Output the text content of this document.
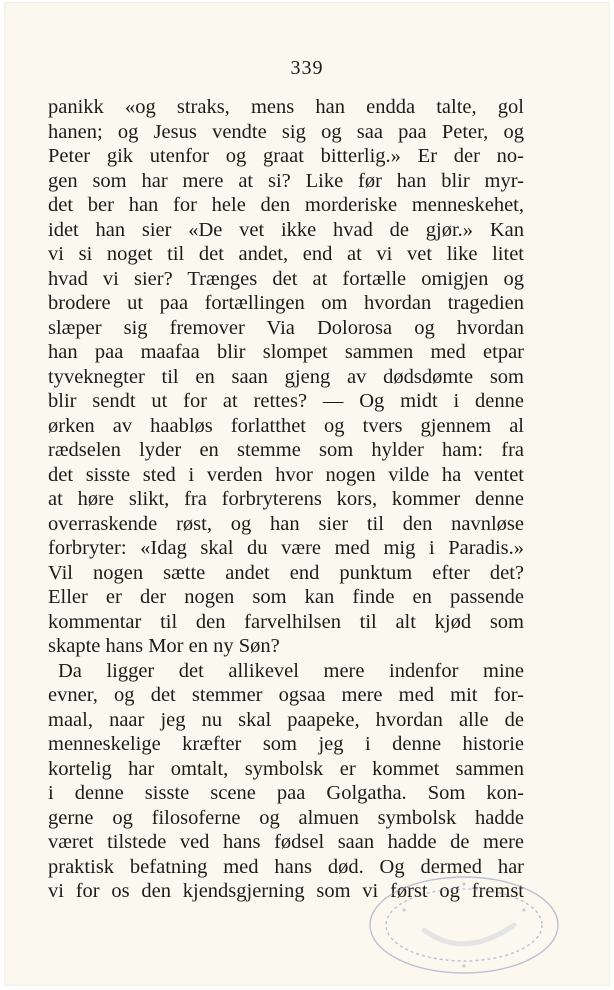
339
panikk «og straks, mens han endda talte, gol
hanen; og Jesus vendte sig og saa paa Peter, og
Peter gik utenfor og graat bitterlig.» Er der no-
gen som har mere at si? Like før han blir myr-
det ber han for hele den morderiske menneskehet,
idet han sier «De vet ikke hvad de gjør.» Kan
vi si noget til det andet, end at vi vet like litet
hvad vi sier? Trænges det at fortælle omigjen og
brodere ut paa fortællingen om hvordan tragedien
slæper sig fremover Via Dolorosa og hvordan
han paa maafaa blir slompet sammen med etpar
tyveknegter til en saan gjeng av dødsdømte som
blir sendt ut for at rettes? — Og midt i denne
ørken av haabløs forlatthet og tvers gjennem al
rædselen lyder en stemme som hylder ham: fra
det sisste sted i verden hvor nogen vilde ha ventet
at høre slikt, fra forbryterens kors, kommer denne
overraskende røst, og han sier til den navnløse
forbryter: «Idag skal du være med mig i Paradis.»
Vil nogen sætte andet end punktum efter det?
Eller er der nogen som kan finde en passende
kommentar til den farvelhilsen til alt kjød som
skapte hans Mor en ny Søn?
Da ligger det allikevel mere indenfor mine
evner, og det stemmer ogsaa mere med mit for-
maal, naar jeg nu skal paapeke, hvordan alle de
menneskelige kræfter som jeg i denne historie
kortelig har omtalt, symbolsk er kommet sammen
i denne sisste scene paa Golgatha. Som kon-
gerne og filosoferne og almuen symbolsk hadde
været tilstede ved hans fødsel saan hadde de mere
praktisk befatning med hans død. Og dermed har
vi for os den kjendsgjerning som vi først og fremst
